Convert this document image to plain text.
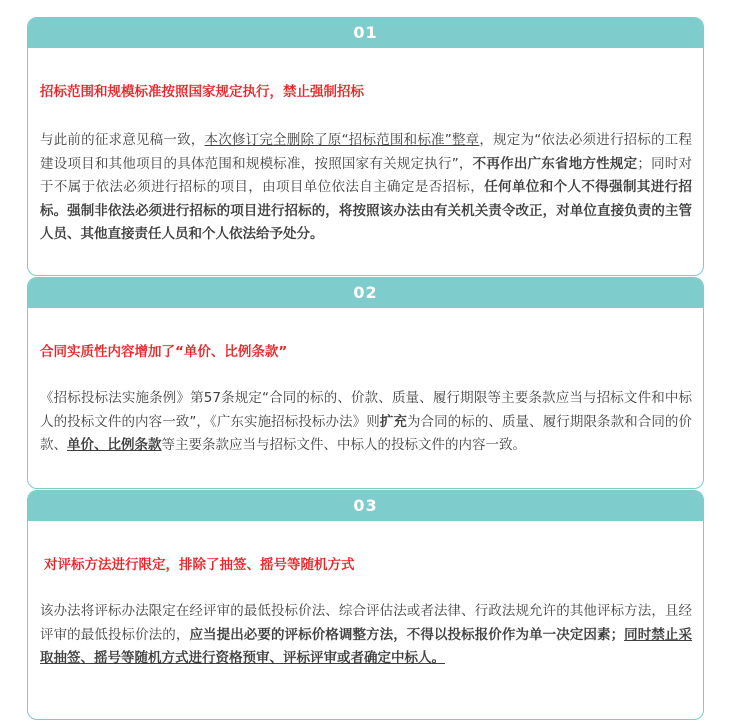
01
招标范围和规模标准按照国家规定执行，禁止强制招标
与此前的征求意见稿一致，本次修订完全删除了原“招标范围和标准”整章，规定为“依法必须进行招标的工程建设项目和其他项目的具体范围和规模标准，按照国家有关规定执行”，不再作出广东省地方性规定；同时对于不属于依法必须进行招标的项目，由项目单位依法自主确定是否招标，任何单位和个人不得强制其进行招标。强制非依法必须进行招标的项目进行招标的，将按照该办法由有关机关责令改正，对单位直接负责的主管人员、其他直接责任人员和个人依法给予处分。
02
合同实质性内容增加了“单价、比例条款”
《招标投标法实施条例》第57条规定“合同的标的、价款、质量、履行期限等主要条款应当与招标文件和中标人的投标文件的内容一致”，《广东实施招标投标办法》则扩充为合同的标的、质量、履行期限条款和合同的价款、单价、比例条款等主要条款应当与招标文件、中标人的投标文件的内容一致。
03
对评标方法进行限定，排除了抽签、摇号等随机方式
该办法将评标办法限定在经评审的最低投标价法、综合评估法或者法律、行政法规允许的其他评标方法，且经评审的最低投标价法的，应当提出必要的评标价格调整方法，不得以投标报价作为单一决定因素；同时禁止采取抽签、摇号等随机方式进行资格预审、评标评审或者确定中标人。
